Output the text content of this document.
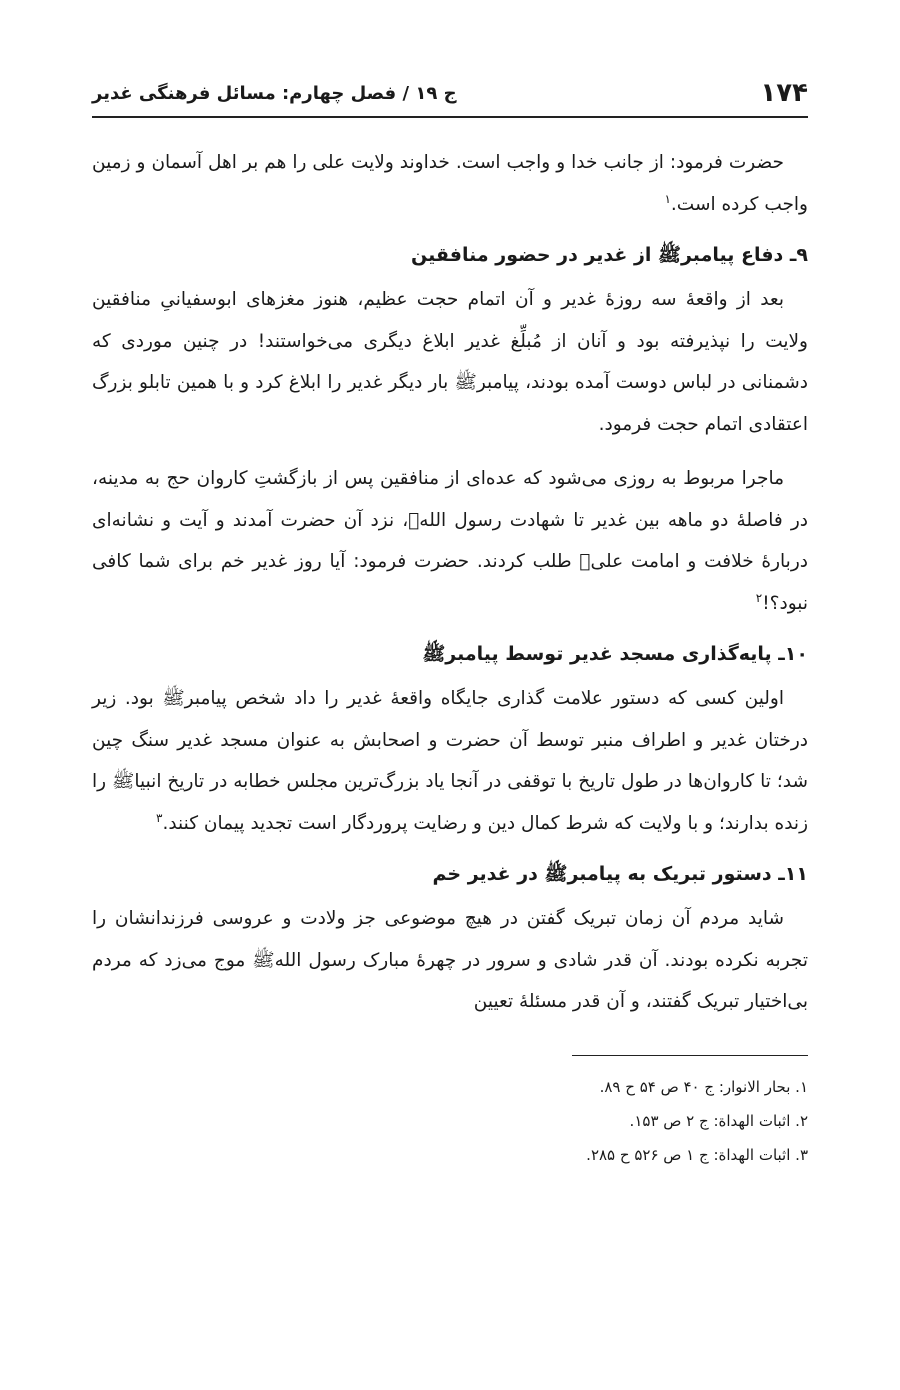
۱۷۴
ج ۱۹ / فصل چهارم: مسائل فرهنگی غدیر

حضرت فرمود: از جانب خدا و واجب است. خداوند ولایت علی را هم بر اهل آسمان و زمین واجب کرده است.$^۱$

۹ـ دفاع پیامبرﷺ از غدیر در حضور منافقین

بعد از واقعهٔ سه روزهٔ غدیر و آن اتمام حجت عظیم، هنوز مغزهای ابوسفیانیِ منافقین ولایت را نپذیرفته بود و آنان از مُبلِّغ غدیر ابلاغ دیگری می‌خواستند! در چنین موردی که دشمنانی در لباس دوست آمده بودند، پیامبرﷺ بار دیگر غدیر را ابلاغ کرد و با همین تابلو بزرگ اعتقادی اتمام حجت فرمود.

ماجرا مربوط به روزی می‌شود که عده‌ای از منافقین پس از بازگشتِ کاروان حج به مدینه، در فاصلهٔ دو ماهه بین غدیر تا شهادت رسول اللهﷺ، نزد آن حضرت آمدند و آیت و نشانه‌ای دربارهٔ خلافت و امامت علیؑ طلب کردند. حضرت فرمود: آیا روز غدیر خم برای شما کافی نبود؟!$^۲$

۱۰ـ پایه‌گذاری مسجد غدیر توسط پیامبرﷺ

اولین کسی که دستور علامت گذاری جایگاه واقعهٔ غدیر را داد شخص پیامبرﷺ بود. زیر درختان غدیر و اطراف منبر توسط آن حضرت و اصحابش به عنوان مسجد غدیر سنگ چین شد؛ تا کاروان‌ها در طول تاریخ با توقفی در آنجا یاد بزرگ‌ترین مجلس خطابه در تاریخ انبیاﷺ را زنده بدارند؛ و با ولایت که شرط کمال دین و رضایت پروردگار است تجدید پیمان کنند.$^۳$

۱۱ـ دستور تبریک به پیامبرﷺ در غدیر خم

شاید مردم آن زمان تبریک گفتن در هیچ موضوعی جز ولادت و عروسی فرزندانشان را تجربه نکرده بودند. آن قدر شادی و سرور در چهرهٔ مبارک رسول اللهﷺ موج می‌زد که مردم بی‌اختیار تبریک گفتند، و آن قدر مسئلهٔ تعیین

۱. بحار الانوار: ج ۴۰ ص ۵۴ ح ۸۹.

۲. اثبات الهداة: ج ۲ ص ۱۵۳.

۳. اثبات الهداة: ج ۱ ص ۵۲۶ ح ۲۸۵.
